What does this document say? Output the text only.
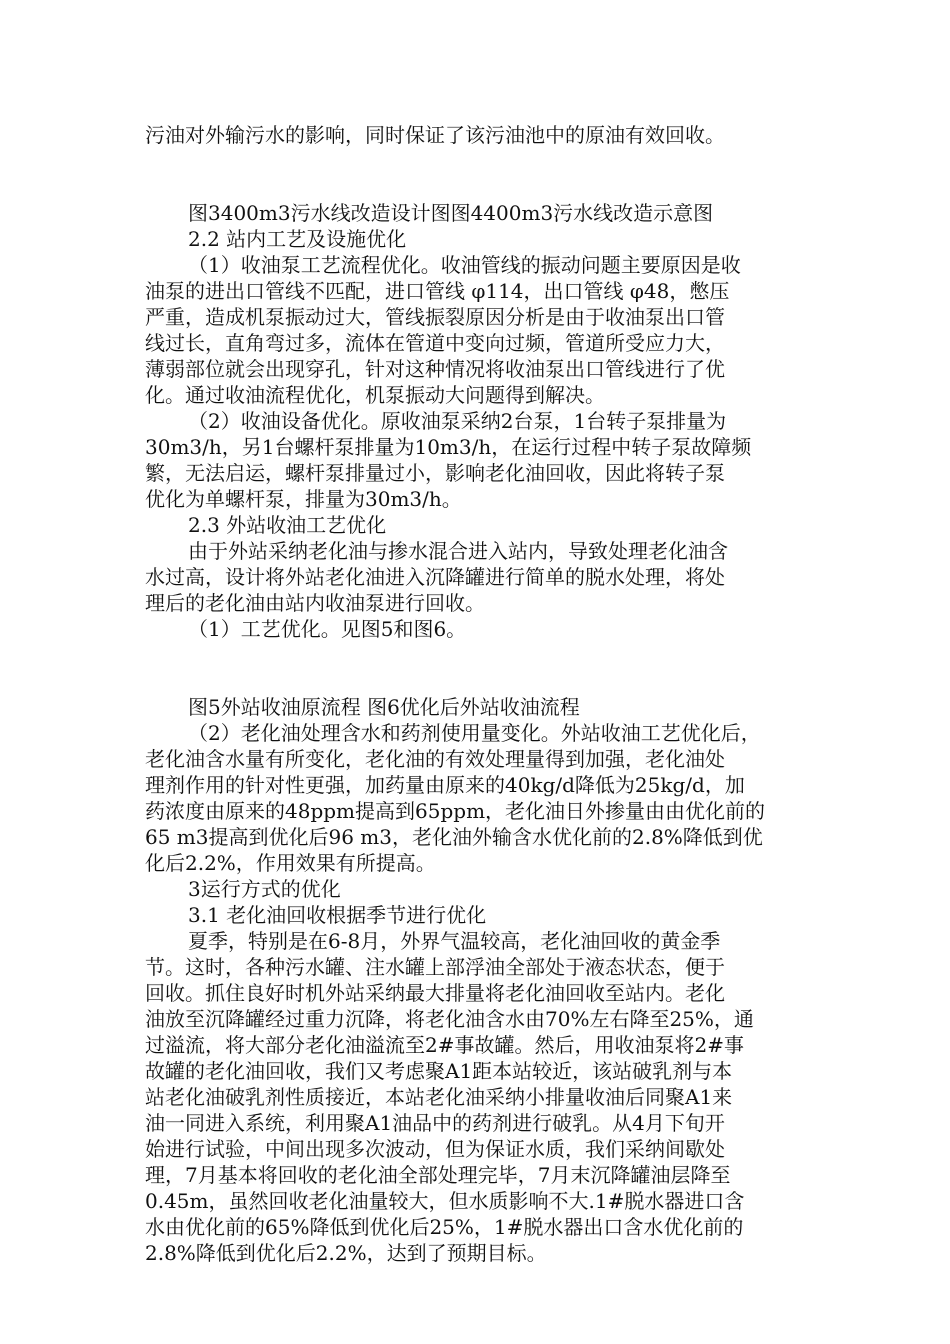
污油对外输污水的影响，同时保证了该污油池中的原油有效回收。
图3400m3污水线改造设计图图4400m3污水线改造示意图
2.2 站内工艺及设施优化
（1）收油泵工艺流程优化。收油管线的振动问题主要原因是收
油泵的进出口管线不匹配，进口管线 φ114，出口管线 φ48，憋压
严重，造成机泵振动过大，管线振裂原因分析是由于收油泵出口管
线过长，直角弯过多，流体在管道中变向过频，管道所受应力大，
薄弱部位就会出现穿孔，针对这种情况将收油泵出口管线进行了优
化。通过收油流程优化，机泵振动大问题得到解决。
（2）收油设备优化。原收油泵采纳2台泵，1台转子泵排量为
30m3/h，另1台螺杆泵排量为10m3/h，在运行过程中转子泵故障频
繁，无法启运，螺杆泵排量过小，影响老化油回收，因此将转子泵
优化为单螺杆泵，排量为30m3/h。
2.3 外站收油工艺优化
由于外站采纳老化油与掺水混合进入站内，导致处理老化油含
水过高，设计将外站老化油进入沉降罐进行简单的脱水处理，将处
理后的老化油由站内收油泵进行回收。
（1）工艺优化。见图5和图6。
图5外站收油原流程 图6优化后外站收油流程
（2）老化油处理含水和药剂使用量变化。外站收油工艺优化后，
老化油含水量有所变化，老化油的有效处理量得到加强，老化油处
理剂作用的针对性更强，加药量由原来的40kg/d降低为25kg/d，加
药浓度由原来的48ppm提高到65ppm，老化油日外掺量由由优化前的
65 m3提高到优化后96 m3，老化油外输含水优化前的2.8%降低到优
化后2.2%，作用效果有所提高。
3运行方式的优化
3.1 老化油回收根据季节进行优化
夏季，特别是在6-8月，外界气温较高，老化油回收的黄金季
节。这时，各种污水罐、注水罐上部浮油全部处于液态状态，便于
回收。抓住良好时机外站采纳最大排量将老化油回收至站内。老化
油放至沉降罐经过重力沉降，将老化油含水由70%左右降至25%，通
过溢流，将大部分老化油溢流至2#事故罐。然后，用收油泵将2#事
故罐的老化油回收，我们又考虑聚A1距本站较近，该站破乳剂与本
站老化油破乳剂性质接近，本站老化油采纳小排量收油后同聚A1来
油一同进入系统，利用聚A1油品中的药剂进行破乳。从4月下旬开
始进行试验，中间出现多次波动，但为保证水质，我们采纳间歇处
理，7月基本将回收的老化油全部处理完毕，7月末沉降罐油层降至
0.45m，虽然回收老化油量较大，但水质影响不大.1#脱水器进口含
水由优化前的65%降低到优化后25%，1#脱水器出口含水优化前的
2.8%降低到优化后2.2%，达到了预期目标。
